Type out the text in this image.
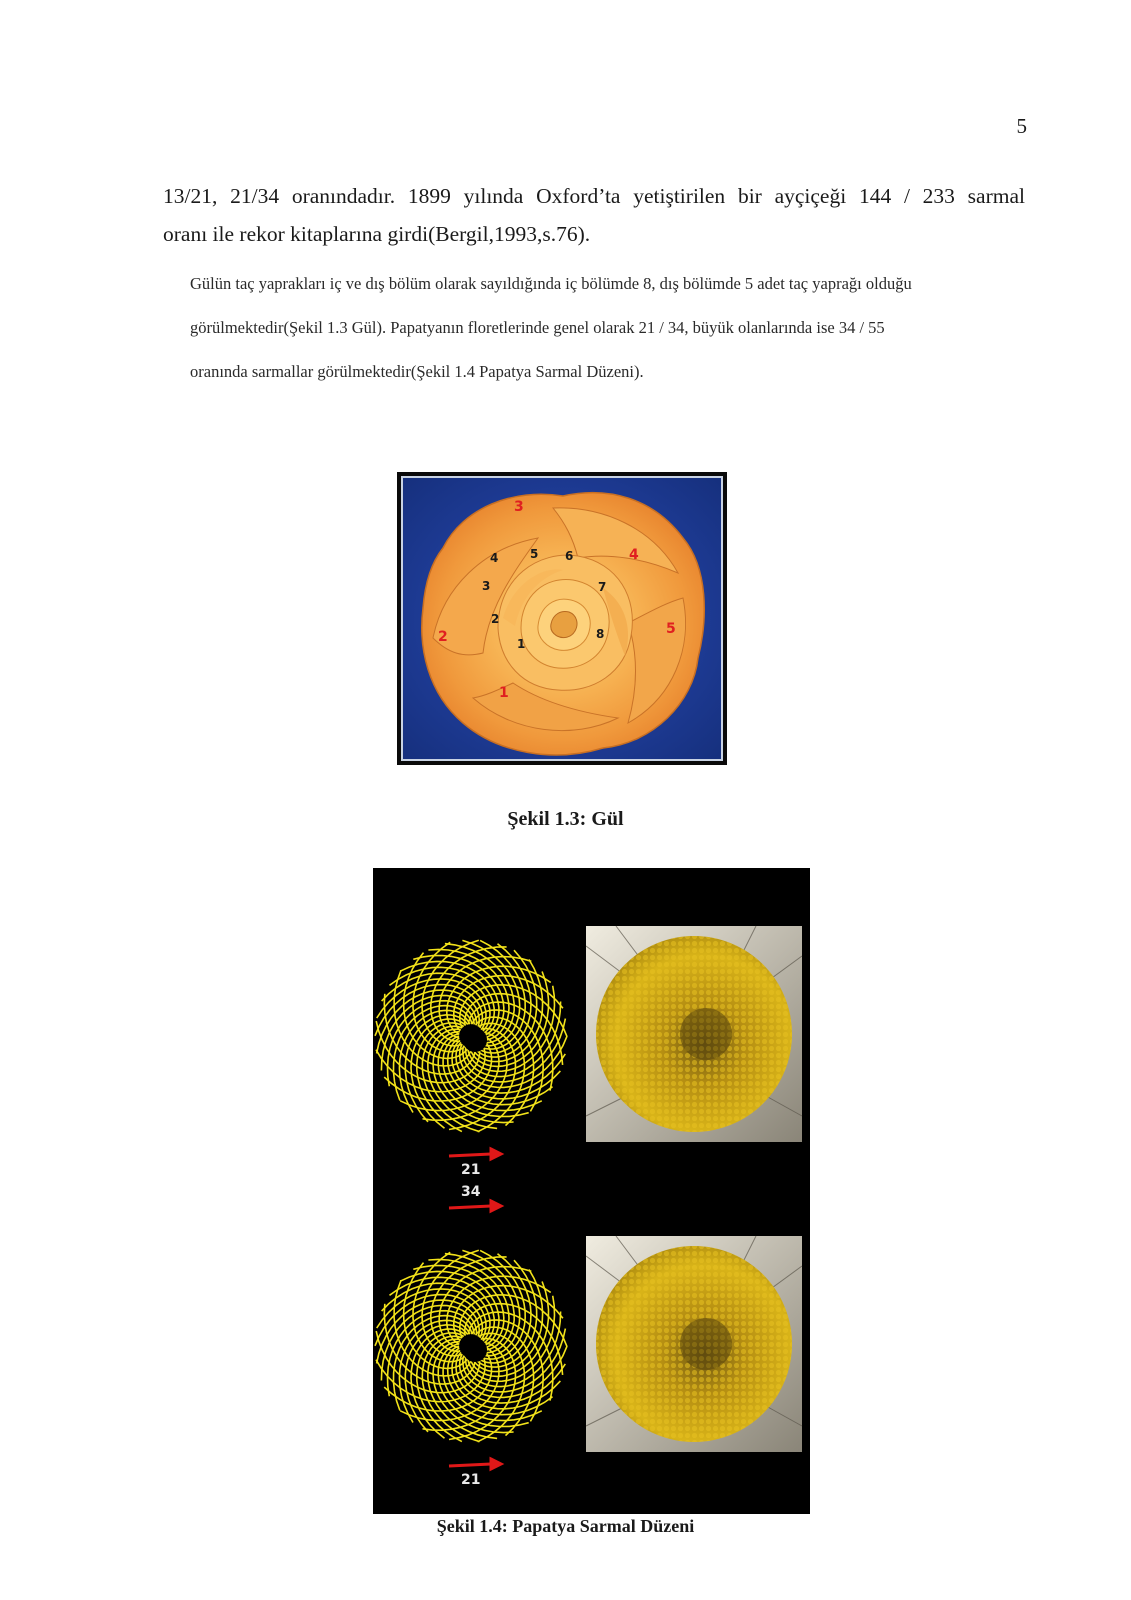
5
13/21, 21/34 oranındadır. 1899 yılında Oxford’ta yetiştirilen bir ayçiçeği 144 / 233 sarmal
oranı ile rekor kitaplarına girdi(Bergil,1993,s.76).
Gülün taç yaprakları iç ve dış bölüm olarak sayıldığında iç bölümde 8, dış bölümde 5 adet taç yaprağı olduğu
görülmektedir(Şekil 1.3 Gül). Papatyanın floretlerinde genel olarak 21 / 34, büyük olanlarında ise 34 / 55
oranında sarmallar görülmektedir(Şekil 1.4 Papatya Sarmal Düzeni).
1
2
3
4	5 6
7
8
1
2
3
4
5
Şekil 1.3: Gül
21
34
21
Şekil 1.4: Papatya Sarmal Düzeni
